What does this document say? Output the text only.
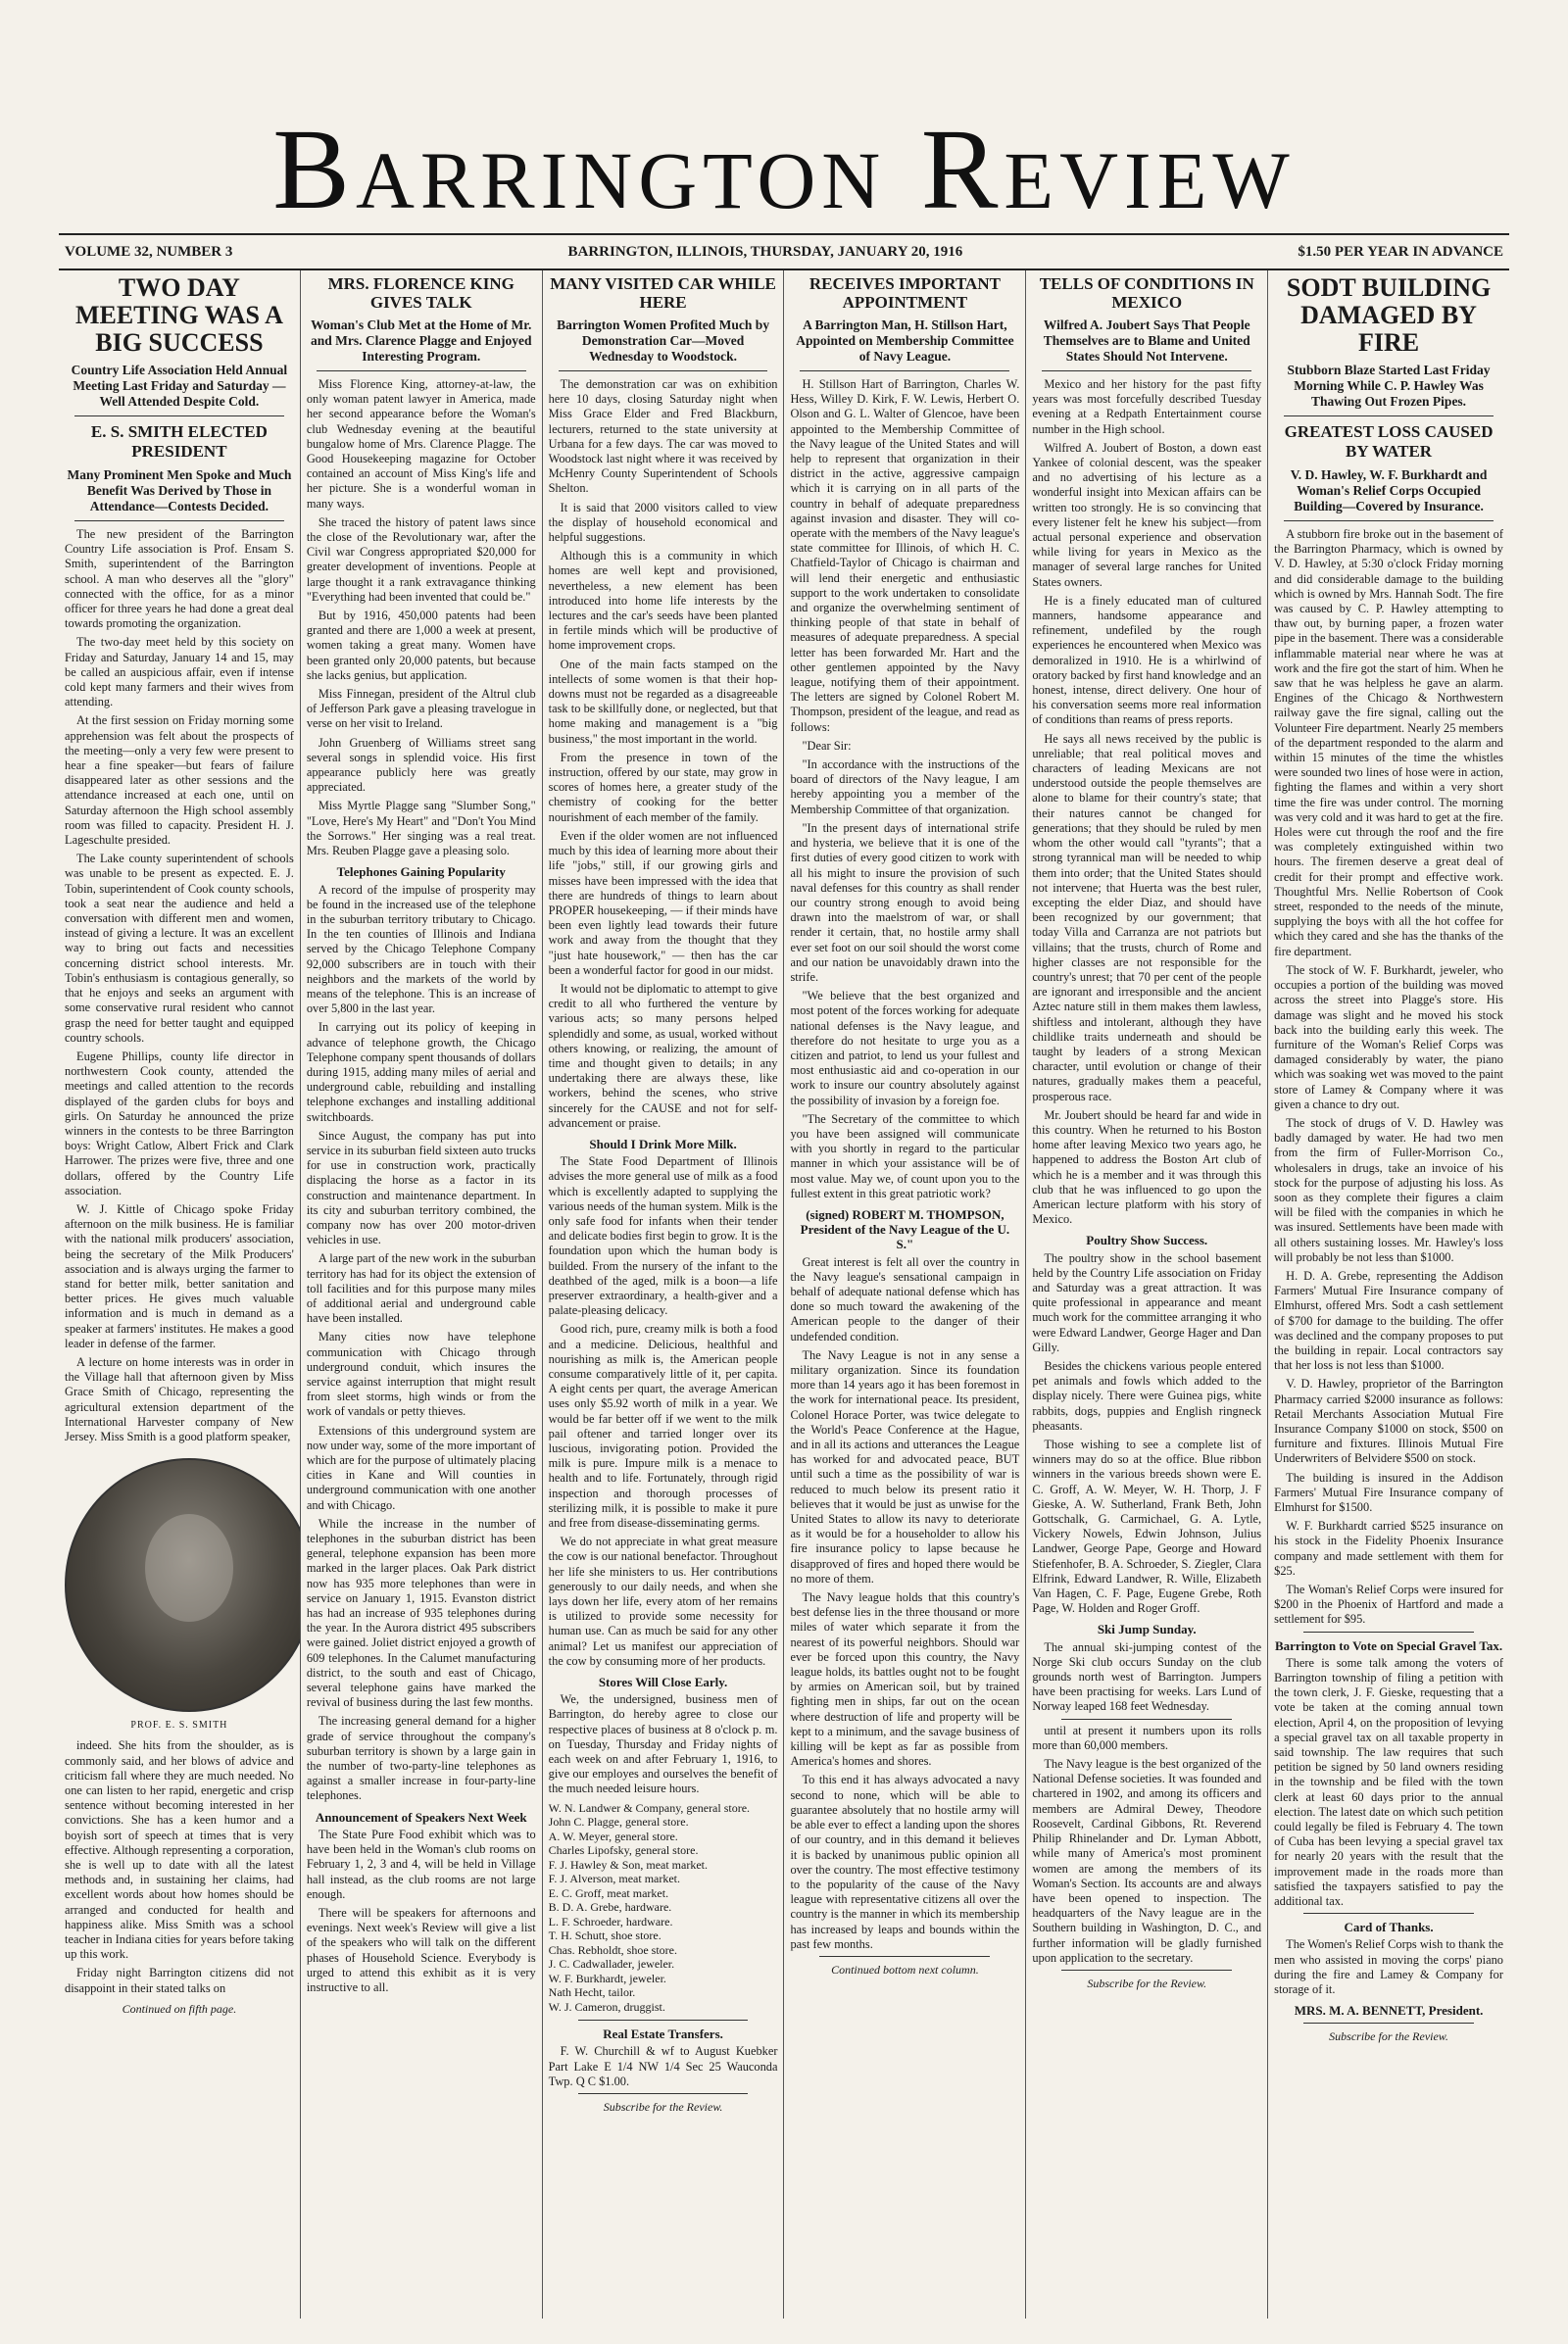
Barrington Review
VOLUME 32, NUMBER 3	BARRINGTON, ILLINOIS, THURSDAY, JANUARY 20, 1916	$1.50 PER YEAR IN ADVANCE
TWO DAY MEETING WAS A BIG SUCCESS
Country Life Association Held Annual Meeting Last Friday and Saturday —Well Attended Despite Cold.
E. S. SMITH ELECTED PRESIDENT
Many Prominent Men Spoke and Much Benefit Was Derived by Those in Attendance—Contests Decided.

The new president of the Barrington Country Life association is Prof. Ensam S. Smith, superintendent of the Barrington school. A man who deserves all the "glory" connected with the office, for as a minor officer for three years he had done a great deal towards promoting the organization.

The two-day meet held by this society on Friday and Saturday, January 14 and 15, may be called an auspicious affair, even if intense cold kept many farmers and their wives from attending.

At the first session on Friday morning some apprehension was felt about the prospects of the meeting—only a very few were present to hear a fine speaker—but fears of failure disappeared later as other sessions and the attendance increased at each one, until on Saturday afternoon the High school assembly room was filled to capacity. President H. J. Lageschulte presided.

The Lake county superintendent of schools was unable to be present as expected. E. J. Tobin, superintendent of Cook county schools, took a seat near the audience and held a conversation with different men and women, instead of giving a lecture. It was an excellent way to bring out facts and necessities concerning district school interests. Mr. Tobin's enthusiasm is contagious generally, so that he enjoys and seeks an argument with some conservative rural resident who cannot grasp the need for better taught and equipped country schools.

Eugene Phillips, county life director in northwestern Cook county, attended the meetings and called attention to the records displayed of the garden clubs for boys and girls. On Saturday he announced the prize winners in the contests to be three Barrington boys: Wright Catlow, Albert Frick and Clark Harrower. The prizes were five, three and one dollars, offered by the Country Life association.

W. J. Kittle of Chicago spoke Friday afternoon on the milk business. He is familiar with the national milk producers' association, being the secretary of the Milk Producers' association and is always urging the farmer to stand for better milk, better sanitation and better prices. He gives much valuable information and is much in demand as a speaker at farmers' institutes. He makes a good leader in defense of the farmer.

A lecture on home interests was in order in the Village hall that afternoon given by Miss Grace Smith of Chicago, representing the agricultural extension department of the International Harvester company of New Jersey. Miss Smith is a good platform speaker,

PROF. E. S. SMITH

indeed. She hits from the shoulder, as is commonly said, and her blows of advice and criticism fall where they are much needed. No one can listen to her rapid, energetic and crisp sentence without becoming interested in her convictions. She has a keen humor and a boyish sort of speech at times that is very effective. Although representing a corporation, she is well up to date with all the latest methods and, in sustaining her claims, had excellent words about how homes should be arranged and conducted for health and happiness alike. Miss Smith was a school teacher in Indiana cities for years before taking up this work.

Friday night Barrington citizens did not disappoint in their stated talks on

Continued on fifth page.
MRS. FLORENCE KING GIVES TALK
Woman's Club Met at the Home of Mr. and Mrs. Clarence Plagge and Enjoyed Interesting Program.

Miss Florence King, attorney-at-law, the only woman patent lawyer in America, made her second appearance before the Woman's club Wednesday evening at the beautiful bungalow home of Mrs. Clarence Plagge. The Good Housekeeping magazine for October contained an account of Miss King's life and her picture. She is a wonderful woman in many ways.

She traced the history of patent laws since the close of the Revolutionary war, after the Civil war Congress appropriated $20,000 for greater development of inventions. People at large thought it a rank extravagance thinking "Everything had been invented that could be."

But by 1916, 450,000 patents had been granted and there are 1,000 a week at present, women taking a great many. Women have been granted only 20,000 patents, but because she lacks genius, but application.

Miss Finnegan, president of the Altrul club of Jefferson Park gave a pleasing travelogue in verse on her visit to Ireland.

John Gruenberg of Williams street sang several songs in splendid voice. His first appearance publicly here was greatly appreciated.

Miss Myrtle Plagge sang "Slumber Song," "Love, Here's My Heart" and "Don't You Mind the Sorrows." Her singing was a real treat. Mrs. Reuben Plagge gave a pleasing solo.

Telephones Gaining Popularity

A record of the impulse of prosperity may be found in the increased use of the telephone in the suburban territory tributary to Chicago. In the ten counties of Illinois and Indiana served by the Chicago Telephone Company 92,000 subscribers are in touch with their neighbors and the markets of the world by means of the telephone. This is an increase of over 5,800 in the last year.

In carrying out its policy of keeping in advance of telephone growth, the Chicago Telephone company spent thousands of dollars during 1915, adding many miles of aerial and underground cable, rebuilding and installing telephone exchanges and installing additional switchboards.

Since August, the company has put into service in its suburban field sixteen auto trucks for use in construction work, practically displacing the horse as a factor in its construction and maintenance department. In its city and suburban territory combined, the company now has over 200 motor-driven vehicles in use.

A large part of the new work in the suburban territory has had for its object the extension of toll facilities and for this purpose many miles of additional aerial and underground cable have been installed.

Many cities now have telephone communication with Chicago through underground conduit, which insures the service against interruption that might result from sleet storms, high winds or from the work of vandals or petty thieves.

Extensions of this underground system are now under way, some of the more important of which are for the purpose of ultimately placing cities in Kane and Will counties in underground communication with one another and with Chicago.

While the increase in the number of telephones in the suburban district has been general, telephone expansion has been more marked in the larger places. Oak Park district now has 935 more telephones than were in service on January 1, 1915. Evanston district has had an increase of 935 telephones during the year. In the Aurora district 495 subscribers were gained. Joliet district enjoyed a growth of 609 telephones. In the Calumet manufacturing district, to the south and east of Chicago, several telephone gains have marked the revival of business during the last few months.

The increasing general demand for a higher grade of service throughout the company's suburban territory is shown by a large gain in the number of two-party-line telephones as against a smaller increase in four-party-line telephones.

Announcement of Speakers Next Week

The State Pure Food exhibit which was to have been held in the Woman's club rooms on February 1, 2, 3 and 4, will be held in Village hall instead, as the club rooms are not large enough.

There will be speakers for afternoons and evenings. Next week's Review will give a list of the speakers who will talk on the different phases of Household Science. Everybody is urged to attend this exhibit as it is very instructive to all.

MANY VISITED CAR WHILE HERE
Barrington Women Profited Much by Demonstration Car—Moved Wednesday to Woodstock.

The demonstration car was on exhibition here 10 days, closing Saturday night when Miss Grace Elder and Fred Blackburn, lecturers, returned to the state university at Urbana for a few days. The car was moved to Woodstock last night where it was received by McHenry County Superintendent of Schools Shelton.

It is said that 2000 visitors called to view the display of household economical and helpful suggestions.

Although this is a community in which homes are well kept and provisioned, nevertheless, a new element has been introduced into home life interests by the lectures and the car's seeds have been planted in fertile minds which will be productive of home improvement crops.

One of the main facts stamped on the intellects of some women is that their hop-downs must not be regarded as a disagreeable task to be skillfully done, or neglected, but that home making and management is a "big business," the most important in the world.

From the presence in town of the instruction, offered by our state, may grow in scores of homes here, a greater study of the chemistry of cooking for the better nourishment of each member of the family.

Even if the older women are not influenced much by this idea of learning more about their life "jobs," still, if our growing girls and misses have been impressed with the idea that there are hundreds of things to learn about PROPER housekeeping, — if their minds have been even lightly lead towards their future work and away from the thought that they "just hate housework," — then has the car been a wonderful factor for good in our midst.

It would not be diplomatic to attempt to give credit to all who furthered the venture by various acts; so many persons helped splendidly and some, as usual, worked without others knowing, or realizing, the amount of time and thought given to details; in any undertaking there are always these, like workers, behind the scenes, who strive sincerely for the CAUSE and not for self-advancement or praise.

Should I Drink More Milk.

The State Food Department of Illinois advises the more general use of milk as a food which is excellently adapted to supplying the various needs of the human system. Milk is the only safe food for infants when their tender and delicate bodies first begin to grow. It is the foundation upon which the human body is builded. From the nursery of the infant to the deathbed of the aged, milk is a boon—a life preserver extraordinary, a health-giver and a palate-pleasing delicacy.

Good rich, pure, creamy milk is both a food and a medicine. Delicious, healthful and nourishing as milk is, the American people consume comparatively little of it, per capita. A eight cents per quart, the average American uses only $5.92 worth of milk in a year. We would be far better off if we went to the milk pail oftener and tarried longer over its luscious, invigorating potion. Provided the milk is pure. Impure milk is a menace to health and to life. Fortunately, through rigid inspection and thorough processes of sterilizing milk, it is possible to make it pure and free from disease-disseminating germs.

We do not appreciate in what great measure the cow is our national benefactor. Throughout her life she ministers to us. Her contributions generously to our daily needs, and when she lays down her life, every atom of her remains is utilized to provide some necessity for human use. Can as much be said for any other animal? Let us manifest our appreciation of the cow by consuming more of her products.

Stores Will Close Early.

We, the undersigned, business men of Barrington, do hereby agree to close our respective places of business at 8 o'clock p. m. on Tuesday, Thursday and Friday nights of each week on and after February 1, 1916, to give our employes and ourselves the benefit of the much needed leisure hours.

W. N. Landwer & Company, general store.
John C. Plagge, general store.
A. W. Meyer, general store.
Charles Lipofsky, general store.
F. J. Hawley & Son, meat market.
F. J. Alverson, meat market.
E. C. Groff, meat market.
B. D. A. Grebe, hardware.
L. F. Schroeder, hardware.
T. H. Schutt, shoe store.
Chas. Rebholdt, shoe store.
J. C. Cadwallader, jeweler.
W. F. Burkhardt, jeweler.
Nath Hecht, tailor.
W. J. Cameron, druggist.
Real Estate Transfers.

F. W. Churchill & wf to August Kuebker Part Lake E 1/4 NW 1/4 Sec 25 Wauconda Twp. Q C $1.00.

Subscribe for the Review.
RECEIVES IMPORTANT APPOINTMENT
A Barrington Man, H. Stillson Hart, Appointed on Membership Committee of Navy League.

H. Stillson Hart of Barrington, Charles W. Hess, Willey D. Kirk, F. W. Lewis, Herbert O. Olson and G. L. Walter of Glencoe, have been appointed to the Membership Committee of the Navy league of the United States and will help to represent that organization in their district in the active, aggressive campaign which it is carrying on in all parts of the country in behalf of adequate preparedness against invasion and disaster. They will co-operate with the members of the Navy league's state committee for Illinois, of which H. C. Chatfield-Taylor of Chicago is chairman and will lend their energetic and enthusiastic support to the work undertaken to consolidate and organize the overwhelming sentiment of thinking people of that state in behalf of measures of adequate preparedness. A special letter has been forwarded Mr. Hart and the other gentlemen appointed by the Navy league, notifying them of their appointment. The letters are signed by Colonel Robert M. Thompson, president of the league, and read as follows:

"Dear Sir:

"In accordance with the instructions of the board of directors of the Navy league, I am hereby appointing you a member of the Membership Committee of that organization.

"In the present days of international strife and hysteria, we believe that it is one of the first duties of every good citizen to work with all his might to insure the provision of such naval defenses for this country as shall render our country strong enough to avoid being drawn into the maelstrom of war, or shall render it certain, that, no hostile army shall ever set foot on our soil should the worst come and our nation be unavoidably drawn into the strife.

"We believe that the best organized and most potent of the forces working for adequate national defenses is the Navy league, and therefore do not hesitate to urge you as a citizen and patriot, to lend us your fullest and most enthusiastic aid and co-operation in our work to insure our country absolutely against the possibility of invasion by a foreign foe.

"The Secretary of the committee to which you have been assigned will communicate with you shortly in regard to the particular manner in which your assistance will be of most value. May we, of count upon you to the fullest extent in this great patriotic work?

(signed) ROBERT M. THOMPSON, President of the Navy League of the U. S."

Great interest is felt all over the country in the Navy league's sensational campaign in behalf of adequate national defense which has done so much toward the awakening of the American people to the danger of their undefended condition.

The Navy League is not in any sense a military organization. Since its foundation more than 14 years ago it has been foremost in the work for international peace. Its president, Colonel Horace Porter, was twice delegate to the World's Peace Conference at the Hague, and in all its actions and utterances the League has worked for and advocated peace, BUT until such a time as the possibility of war is reduced to much below its present ratio it believes that it would be just as unwise for the United States to allow its navy to deteriorate as it would be for a householder to allow his fire insurance policy to lapse because he disapproved of fires and hoped there would be no more of them.

The Navy league holds that this country's best defense lies in the three thousand or more miles of water which separate it from the nearest of its powerful neighbors. Should war ever be forced upon this country, the Navy league holds, its battles ought not to be fought by armies on American soil, but by trained fighting men in ships, far out on the ocean where destruction of life and property will be kept to a minimum, and the savage business of killing will be kept as far as possible from America's homes and shores.

To this end it has always advocated a navy second to none, which will be able to guarantee absolutely that no hostile army will be able ever to effect a landing upon the shores of our country, and in this demand it believes it is backed by unanimous public opinion all over the country. The most effective testimony to the popularity of the cause of the Navy league with representative citizens all over the country is the manner in which its membership has increased by leaps and bounds within the past few months.

Continued bottom next column.
TELLS OF CONDITIONS IN MEXICO
Wilfred A. Joubert Says That People Themselves are to Blame and United States Should Not Intervene.

Mexico and her history for the past fifty years was most forcefully described Tuesday evening at a Redpath Entertainment course number in the High school.

Wilfred A. Joubert of Boston, a down east Yankee of colonial descent, was the speaker and no advertising of his lecture as a wonderful insight into Mexican affairs can be written too strongly. He is so convincing that every listener felt he knew his subject—from actual personal experience and observation while living for years in Mexico as the manager of several large ranches for United States owners.

He is a finely educated man of cultured manners, handsome appearance and refinement, undefiled by the rough experiences he encountered when Mexico was demoralized in 1910. He is a whirlwind of oratory backed by first hand knowledge and an honest, intense, direct delivery. One hour of his conversation seems more real information of conditions than reams of press reports.

He says all news received by the public is unreliable; that real political moves and characters of leading Mexicans are not understood outside the people themselves are alone to blame for their country's state; that their natures cannot be changed for generations; that they should be ruled by men whom the other would call "tyrants"; that a strong tyrannical man will be needed to whip them into order; that the United States should not intervene; that Huerta was the best ruler, excepting the elder Diaz, and should have been recognized by our government; that today Villa and Carranza are not patriots but villains; that the trusts, church of Rome and higher classes are not responsible for the country's unrest; that 70 per cent of the people are ignorant and irresponsible and the ancient Aztec nature still in them makes them lawless, shiftless and intolerant, although they have childlike traits underneath and should be taught by leaders of a strong Mexican character, until evolution or change of their natures, gradually makes them a peaceful, prosperous race.

Mr. Joubert should be heard far and wide in this country. When he returned to his Boston home after leaving Mexico two years ago, he happened to address the Boston Art club of which he is a member and it was through this club that he was influenced to go upon the American lecture platform with his story of Mexico.

Poultry Show Success.

The poultry show in the school basement held by the Country Life association on Friday and Saturday was a great attraction. It was quite professional in appearance and meant much work for the committee arranging it who were Edward Landwer, George Hager and Dan Gilly.

Besides the chickens various people entered pet animals and fowls which added to the display nicely. There were Guinea pigs, white rabbits, dogs, puppies and English ringneck pheasants.

Those wishing to see a complete list of winners may do so at the office. Blue ribbon winners in the various breeds shown were E. C. Groff, A. W. Meyer, W. H. Thorp, J. F Gieske, A. W. Sutherland, Frank Beth, John Gottschalk, G. Carmichael, G. A. Lytle, Vickery Nowels, Edwin Johnson, Julius Landwer, George Pape, George and Howard Stiefenhofer, B. A. Schroeder, S. Ziegler, Clara Elfrink, Edward Landwer, R. Wille, Elizabeth Van Hagen, C. F. Page, Eugene Grebe, Roth Page, W. Holden and Roger Groff.

Ski Jump Sunday.

The annual ski-jumping contest of the Norge Ski club occurs Sunday on the club grounds north west of Barrington. Jumpers have been practising for weeks. Lars Lund of Norway leaped 168 feet Wednesday.

until at present it numbers upon its rolls more than 60,000 members.

The Navy league is the best organized of the National Defense societies. It was founded and chartered in 1902, and among its officers and members are Admiral Dewey, Theodore Roosevelt, Cardinal Gibbons, Rt. Reverend Philip Rhinelander and Dr. Lyman Abbott, while many of America's most prominent women are among the members of its Woman's Section. Its accounts are and always have been opened to inspection. The headquarters of the Navy league are in the Southern building in Washington, D. C., and further information will be gladly furnished upon application to the secretary.

Subscribe for the Review.
SODT BUILDING DAMAGED BY FIRE
Stubborn Blaze Started Last Friday Morning While C. P. Hawley Was Thawing Out Frozen Pipes.
GREATEST LOSS CAUSED BY WATER
V. D. Hawley, W. F. Burkhardt and Woman's Relief Corps Occupied Building—Covered by Insurance.

A stubborn fire broke out in the basement of the Barrington Pharmacy, which is owned by V. D. Hawley, at 5:30 o'clock Friday morning and did considerable damage to the building which is owned by Mrs. Hannah Sodt. The fire was caused by C. P. Hawley attempting to thaw out, by burning paper, a frozen water pipe in the basement. There was a considerable inflammable material near where he was at work and the fire got the start of him. When he saw that he was helpless he gave an alarm. Engines of the Chicago & Northwestern railway gave the fire signal, calling out the Volunteer Fire department. Nearly 25 members of the department responded to the alarm and within 15 minutes of the time the whistles were sounded two lines of hose were in action, fighting the flames and within a very short time the fire was under control. The morning was very cold and it was hard to get at the fire. Holes were cut through the roof and the fire was completely extinguished within two hours. The firemen deserve a great deal of credit for their prompt and effective work. Thoughtful Mrs. Nellie Robertson of Cook street, responded to the needs of the minute, supplying the boys with all the hot coffee for which they cared and she has the thanks of the fire department.

The stock of W. F. Burkhardt, jeweler, who occupies a portion of the building was moved across the street into Plagge's store. His damage was slight and he moved his stock back into the building early this week. The furniture of the Woman's Relief Corps was damaged considerably by water, the piano which was soaking wet was moved to the paint store of Lamey & Company where it was given a chance to dry out.

The stock of drugs of V. D. Hawley was badly damaged by water. He had two men from the firm of Fuller-Morrison Co., wholesalers in drugs, take an invoice of his stock for the purpose of adjusting his loss. As soon as they complete their figures a claim will be filed with the companies in which he was insured. Settlements have been made with all others sustaining losses. Mr. Hawley's loss will probably be not less than $1000.

H. D. A. Grebe, representing the Addison Farmers' Mutual Fire Insurance company of Elmhurst, offered Mrs. Sodt a cash settlement of $700 for damage to the building. The offer was declined and the company proposes to put the building in repair. Local contractors say that her loss is not less than $1000.

V. D. Hawley, proprietor of the Barrington Pharmacy carried $2000 insurance as follows: Retail Merchants Association Mutual Fire Insurance Company $1000 on stock, $500 on furniture and fixtures. Illinois Mutual Fire Underwriters of Belvidere $500 on stock.

The building is insured in the Addison Farmers' Mutual Fire Insurance company of Elmhurst for $1500.

W. F. Burkhardt carried $525 insurance on his stock in the Fidelity Phoenix Insurance company and made settlement with them for $25.

The Woman's Relief Corps were insured for $200 in the Phoenix of Hartford and made a settlement for $95.

Barrington to Vote on Special Gravel Tax.

There is some talk among the voters of Barrington township of filing a petition with the town clerk, J. F. Gieske, requesting that a vote be taken at the coming annual town election, April 4, on the proposition of levying a special gravel tax on all taxable property in said township. The law requires that such petition be signed by 50 land owners residing in the township and be filed with the town clerk at least 60 days prior to the annual election. The latest date on which such petition could legally be filed is February 4. The town of Cuba has been levying a special gravel tax for nearly 20 years with the result that the improvement made in the roads more than satisfied the taxpayers satisfied to pay the additional tax.

Card of Thanks.

The Women's Relief Corps wish to thank the men who assisted in moving the corps' piano during the fire and Lamey & Company for storage of it.

MRS. M. A. BENNETT, President.
Subscribe for the Review.
